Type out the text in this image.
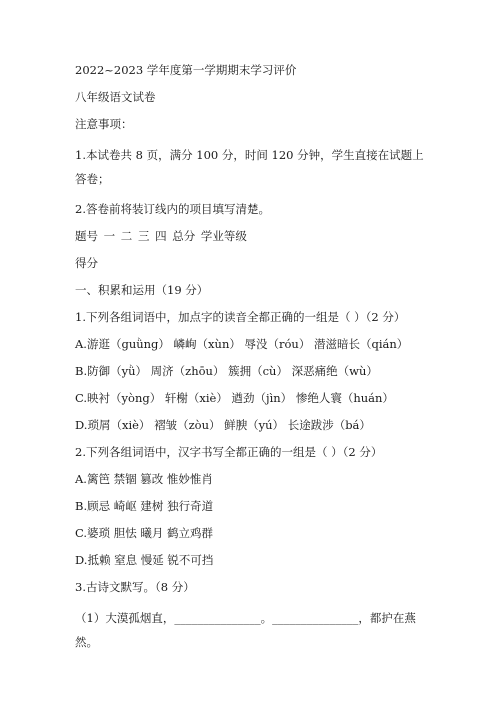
2022~2023 学年度第一学期期末学习评价

八年级语文试卷

注意事项：

1.本试卷共 8 页，满分 100 分，时间 120 分钟，学生直接在试题上答卷；

2.答卷前将装订线内的项目填写清楚。

题号 一 二 三 四 总分 学业等级

得分

一、积累和运用（19 分）

1.下列各组词语中，加点字的读音全都正确的一组是（ ）（2 分）

A.游逛（guǜng） 嶙峋（xùn） 辱没（róu） 潜滋暗长（qián）

B.防御（yǜ） 周济（zhōu） 簇拥（cù） 深恶痛绝（wù）

C.映衬（yòng） 轩榭（xiè） 遒劲（jìn） 惨绝人寰（huán）

D.琐屑（xiè） 褶皱（zòu） 鲜腴（yú） 长途跋涉（bá）

2.下列各组词语中，汉字书写全都正确的一组是（ ）（2 分）

A.篱笆 禁锢 篡改 惟妙惟肖

B.顾忌 崎岖 建树 独行奇道

C.婆琐 胆怯 曦月 鹤立鸡群

D.抵赖 窒息 慢延 锐不可挡

3.古诗文默写。（8 分）

（1）大漠孤烟直，_______________。_______________，都护在燕然。
